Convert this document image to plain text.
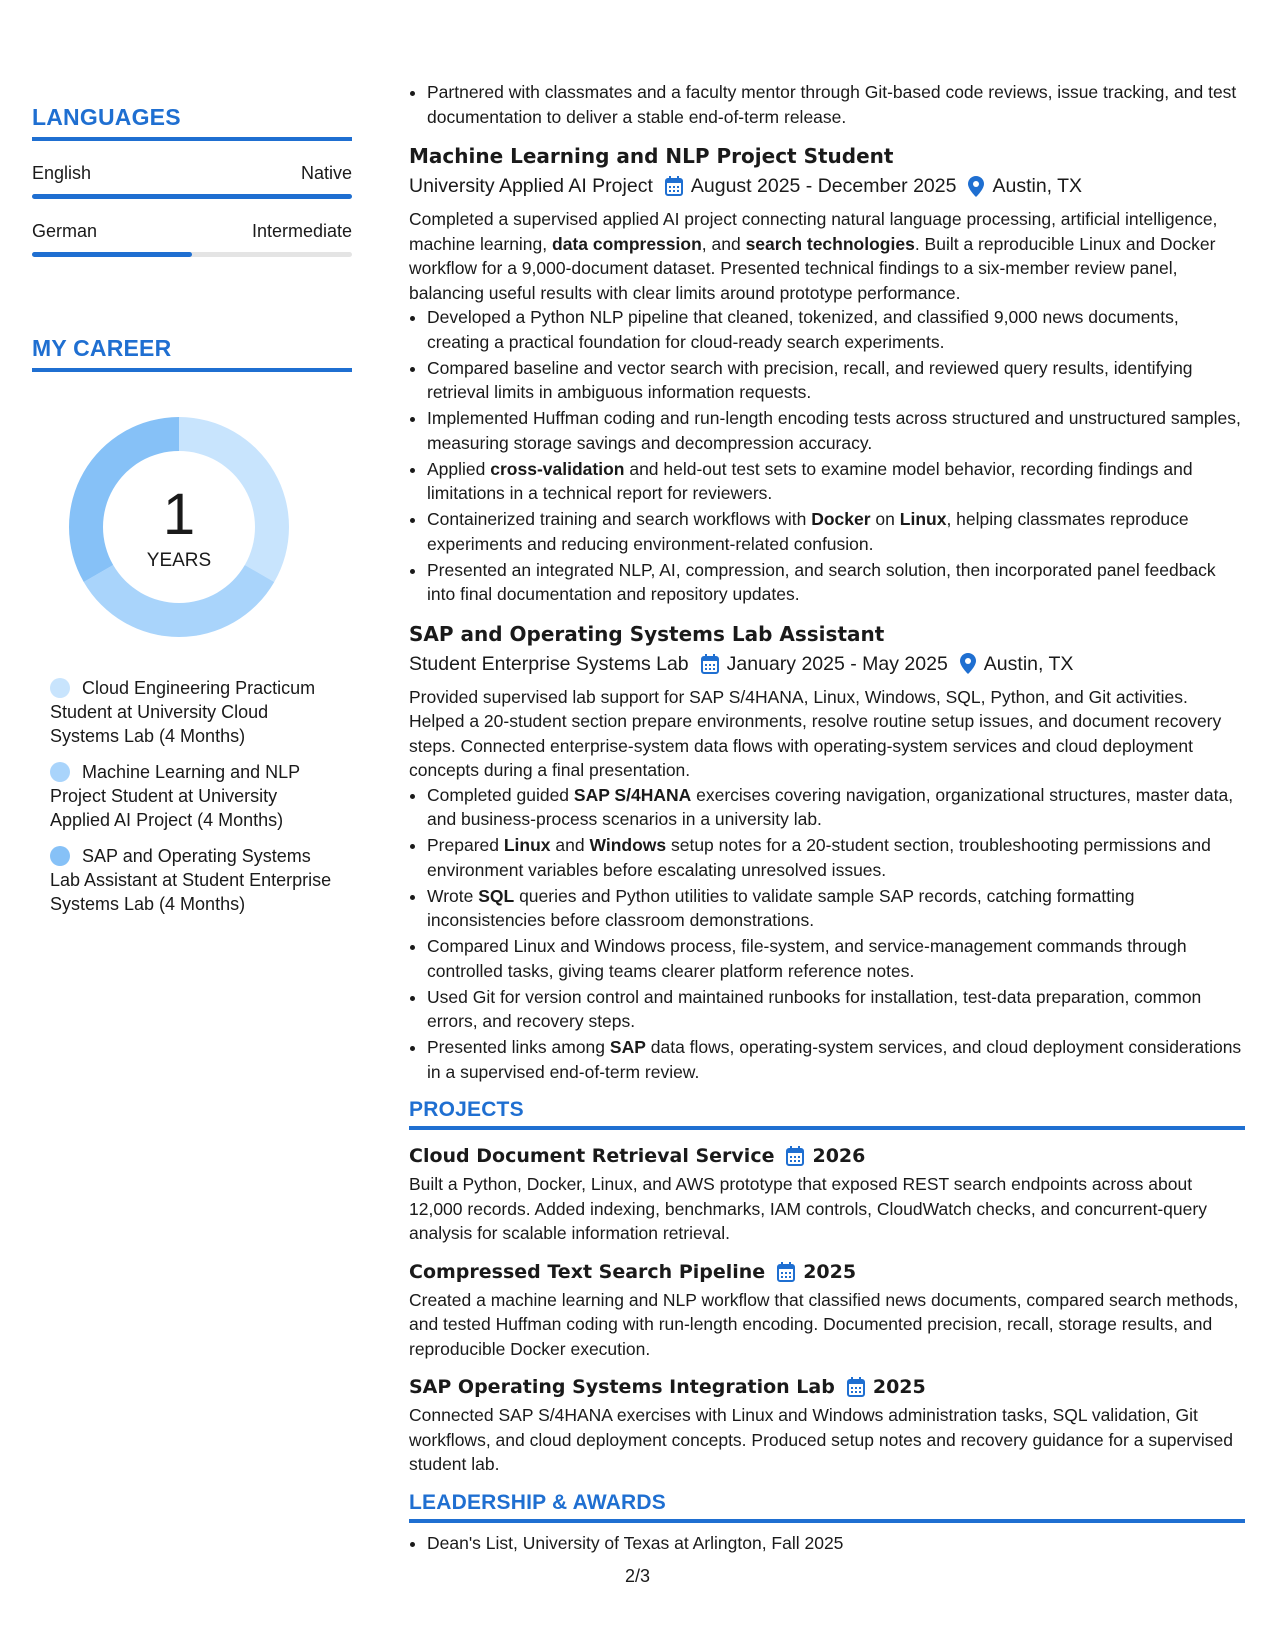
LANGUAGES
English	Native
German	Intermediate
MY CAREER
1
YEARS
Cloud Engineering Practicum Student at University Cloud Systems Lab (4 Months)
Machine Learning and NLP Project Student at University Applied AI Project (4 Months)
SAP and Operating Systems Lab Assistant at Student Enterprise Systems Lab (4 Months)
• Partnered with classmates and a faculty mentor through Git-based code reviews, issue tracking, and test documentation to deliver a stable end-of-term release.
Machine Learning and NLP Project Student
University Applied AI Project August 2025 - December 2025 Austin, TX
Completed a supervised applied AI project connecting natural language processing, artificial intelligence, machine learning, data compression, and search technologies. Built a reproducible Linux and Docker workflow for a 9,000-document dataset. Presented technical findings to a six-member review panel, balancing useful results with clear limits around prototype performance.
• Developed a Python NLP pipeline that cleaned, tokenized, and classified 9,000 news documents, creating a practical foundation for cloud-ready search experiments.
• Compared baseline and vector search with precision, recall, and reviewed query results, identifying retrieval limits in ambiguous information requests.
• Implemented Huffman coding and run-length encoding tests across structured and unstructured samples, measuring storage savings and decompression accuracy.
• Applied cross-validation and held-out test sets to examine model behavior, recording findings and limitations in a technical report for reviewers.
• Containerized training and search workflows with Docker on Linux, helping classmates reproduce experiments and reducing environment-related confusion.
• Presented an integrated NLP, AI, compression, and search solution, then incorporated panel feedback into final documentation and repository updates.
SAP and Operating Systems Lab Assistant
Student Enterprise Systems Lab January 2025 - May 2025 Austin, TX
Provided supervised lab support for SAP S/4HANA, Linux, Windows, SQL, Python, and Git activities. Helped a 20-student section prepare environments, resolve routine setup issues, and document recovery steps. Connected enterprise-system data flows with operating-system services and cloud deployment concepts during a final presentation.
• Completed guided SAP S/4HANA exercises covering navigation, organizational structures, master data, and business-process scenarios in a university lab.
• Prepared Linux and Windows setup notes for a 20-student section, troubleshooting permissions and environment variables before escalating unresolved issues.
• Wrote SQL queries and Python utilities to validate sample SAP records, catching formatting inconsistencies before classroom demonstrations.
• Compared Linux and Windows process, file-system, and service-management commands through controlled tasks, giving teams clearer platform reference notes.
• Used Git for version control and maintained runbooks for installation, test-data preparation, common errors, and recovery steps.
• Presented links among SAP data flows, operating-system services, and cloud deployment considerations in a supervised end-of-term review.
PROJECTS
Cloud Document Retrieval Service 2026
Built a Python, Docker, Linux, and AWS prototype that exposed REST search endpoints across about 12,000 records. Added indexing, benchmarks, IAM controls, CloudWatch checks, and concurrent-query analysis for scalable information retrieval.
Compressed Text Search Pipeline 2025
Created a machine learning and NLP workflow that classified news documents, compared search methods, and tested Huffman coding with run-length encoding. Documented precision, recall, storage results, and reproducible Docker execution.
SAP Operating Systems Integration Lab 2025
Connected SAP S/4HANA exercises with Linux and Windows administration tasks, SQL validation, Git workflows, and cloud deployment concepts. Produced setup notes and recovery guidance for a supervised student lab.
LEADERSHIP & AWARDS
• Dean's List, University of Texas at Arlington, Fall 2025
2/3
